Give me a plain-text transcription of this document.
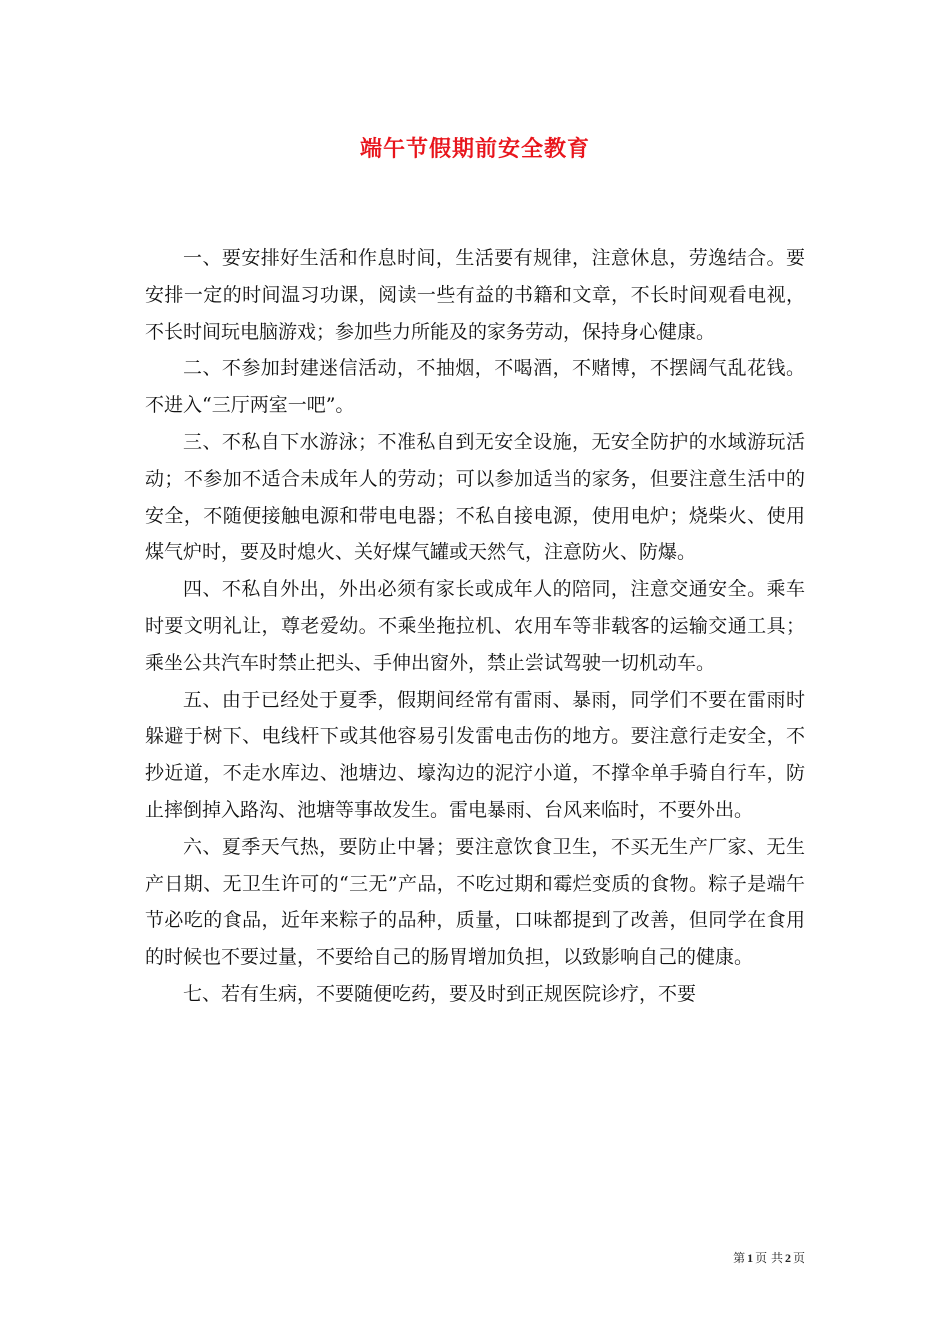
端午节假期前安全教育

一、要安排好生活和作息时间，生活要有规律，注意休息，劳逸结合。要安排一定的时间温习功课，阅读一些有益的书籍和文章，不长时间观看电视，不长时间玩电脑游戏；参加些力所能及的家务劳动，保持身心健康。

二、不参加封建迷信活动，不抽烟，不喝酒，不赌博，不摆阔气乱花钱。不进入“三厅两室一吧”。

三、不私自下水游泳；不准私自到无安全设施，无安全防护的水域游玩活动；不参加不适合未成年人的劳动；可以参加适当的家务，但要注意生活中的安全，不随便接触电源和带电电器；不私自接电源，使用电炉；烧柴火、使用煤气炉时，要及时熄火、关好煤气罐或天然气，注意防火、防爆。

四、不私自外出，外出必须有家长或成年人的陪同，注意交通安全。乘车时要文明礼让，尊老爱幼。不乘坐拖拉机、农用车等非载客的运输交通工具；乘坐公共汽车时禁止把头、手伸出窗外，禁止尝试驾驶一切机动车。

五、由于已经处于夏季，假期间经常有雷雨、暴雨，同学们不要在雷雨时躲避于树下、电线杆下或其他容易引发雷电击伤的地方。要注意行走安全，不抄近道，不走水库边、池塘边、壕沟边的泥泞小道，不撑伞单手骑自行车，防止摔倒掉入路沟、池塘等事故发生。雷电暴雨、台风来临时，不要外出。

六、夏季天气热，要防止中暑；要注意饮食卫生，不买无生产厂家、无生产日期、无卫生许可的“三无”产品，不吃过期和霉烂变质的食物。粽子是端午节必吃的食品，近年来粽子的品种，质量，口味都提到了改善，但同学在食用的时候也不要过量，不要给自己的肠胃增加负担，以致影响自己的健康。

七、若有生病，不要随便吃药，要及时到正规医院诊疗，不要

第 1 页 共 2 页
